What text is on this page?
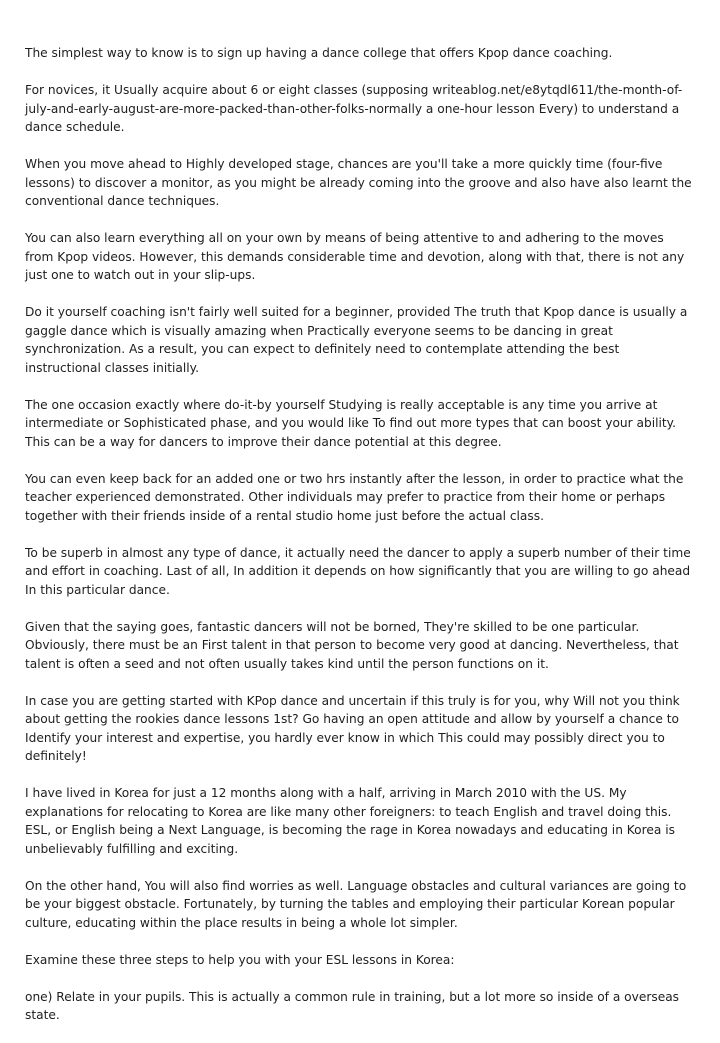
The simplest way to know is to sign up having a dance college that offers Kpop dance coaching.

For novices, it Usually acquire about 6 or eight classes (supposing writeablog.net/e8ytqdl611/the-month-of-july-and-early-august-are-more-packed-than-other-folks-normally a one-hour lesson Every) to understand a dance schedule.

When you move ahead to Highly developed stage, chances are you'll take a more quickly time (four-five lessons) to discover a monitor, as you might be already coming into the groove and also have also learnt the conventional dance techniques.

You can also learn everything all on your own by means of being attentive to and adhering to the moves from Kpop videos. However, this demands considerable time and devotion, along with that, there is not any just one to watch out in your slip-ups.

Do it yourself coaching isn't fairly well suited for a beginner, provided The truth that Kpop dance is usually a gaggle dance which is visually amazing when Practically everyone seems to be dancing in great synchronization. As a result, you can expect to definitely need to contemplate attending the best instructional classes initially.

The one occasion exactly where do-it-by yourself Studying is really acceptable is any time you arrive at intermediate or Sophisticated phase, and you would like To find out more types that can boost your ability. This can be a way for dancers to improve their dance potential at this degree.

You can even keep back for an added one or two hrs instantly after the lesson, in order to practice what the teacher experienced demonstrated. Other individuals may prefer to practice from their home or perhaps together with their friends inside of a rental studio home just before the actual class.

To be superb in almost any type of dance, it actually need the dancer to apply a superb number of their time and effort in coaching. Last of all, In addition it depends on how significantly that you are willing to go ahead In this particular dance.

Given that the saying goes, fantastic dancers will not be borned, They're skilled to be one particular. Obviously, there must be an First talent in that person to become very good at dancing. Nevertheless, that talent is often a seed and not often usually takes kind until the person functions on it.

In case you are getting started with KPop dance and uncertain if this truly is for you, why Will not you think about getting the rookies dance lessons 1st? Go having an open attitude and allow by yourself a chance to Identify your interest and expertise, you hardly ever know in which This could may possibly direct you to definitely!

I have lived in Korea for just a 12 months along with a half, arriving in March 2010 with the US. My explanations for relocating to Korea are like many other foreigners: to teach English and travel doing this. ESL, or English being a Next Language, is becoming the rage in Korea nowadays and educating in Korea is unbelievably fulfilling and exciting.

On the other hand, You will also find worries as well. Language obstacles and cultural variances are going to be your biggest obstacle. Fortunately, by turning the tables and employing their particular Korean popular culture, educating within the place results in being a whole lot simpler.

Examine these three steps to help you with your ESL lessons in Korea:

one) Relate in your pupils. This is actually a common rule in training, but a lot more so inside of a overseas state.
